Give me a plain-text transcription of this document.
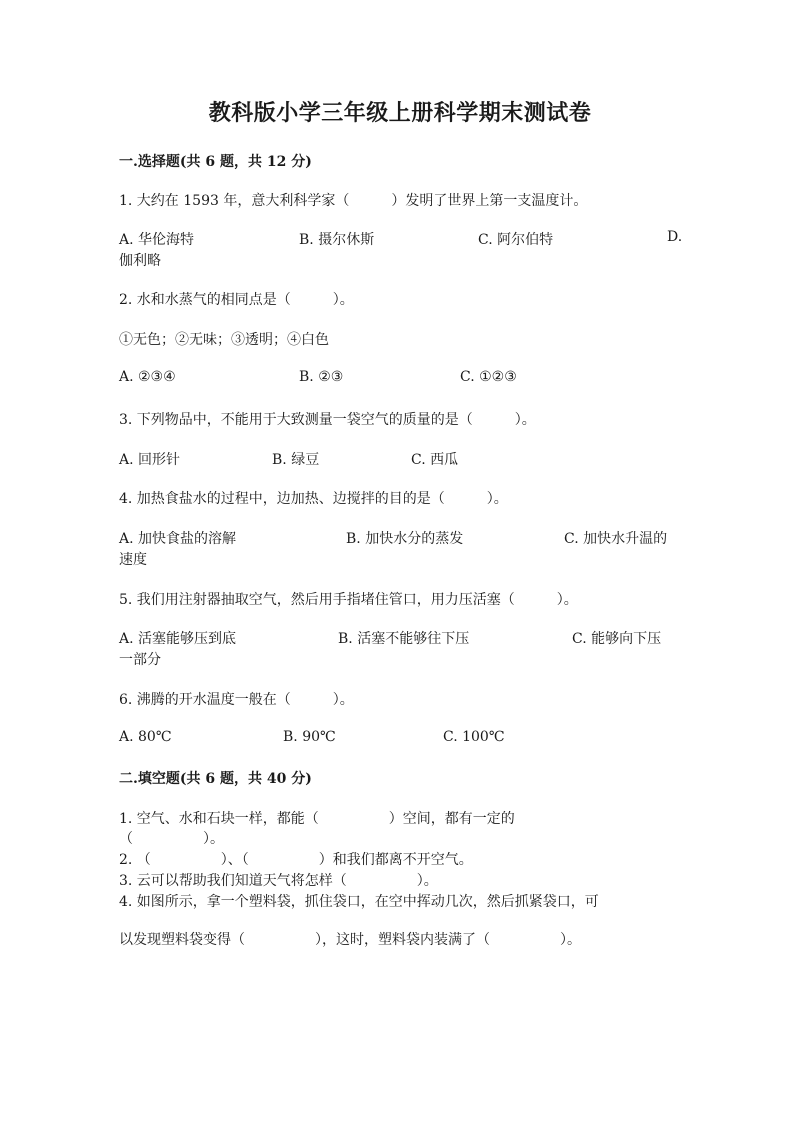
教科版小学三年级上册科学期末测试卷
一.选择题(共 6 题，共 12 分)
1. 大约在 1593 年，意大利科学家（　　　）发明了世界上第一支温度计。
A. 华伦海特	B. 摄尔休斯	C. 阿尔伯特	D.
伽利略
2. 水和水蒸气的相同点是（　　　）。
①无色；②无味；③透明；④白色
A. ②③④	B. ②③	C. ①②③
3. 下列物品中，不能用于大致测量一袋空气的质量的是（　　　）。
A. 回形针	B. 绿豆	C. 西瓜
4. 加热食盐水的过程中，边加热、边搅拌的目的是（　　　）。
A. 加快食盐的溶解	B. 加快水分的蒸发	C. 加快水升温的
速度
5. 我们用注射器抽取空气，然后用手指堵住管口，用力压活塞（　　　）。
A. 活塞能够压到底	B. 活塞不能够往下压	C. 能够向下压
一部分
6. 沸腾的开水温度一般在（　　　）。
A. 80℃	B. 90℃	C. 100℃
二.填空题(共 6 题，共 40 分)
1. 空气、水和石块一样，都能（　　　　　）空间，都有一定的
（　　　　　）。
2. （　　　　　）、（　　　　　）和我们都离不开空气。
3. 云可以帮助我们知道天气将怎样（　　　　　）。
4. 如图所示，拿一个塑料袋，抓住袋口，在空中挥动几次，然后抓紧袋口，可
以发现塑料袋变得（　　　　　），这时，塑料袋内装满了（　　　　　）。
